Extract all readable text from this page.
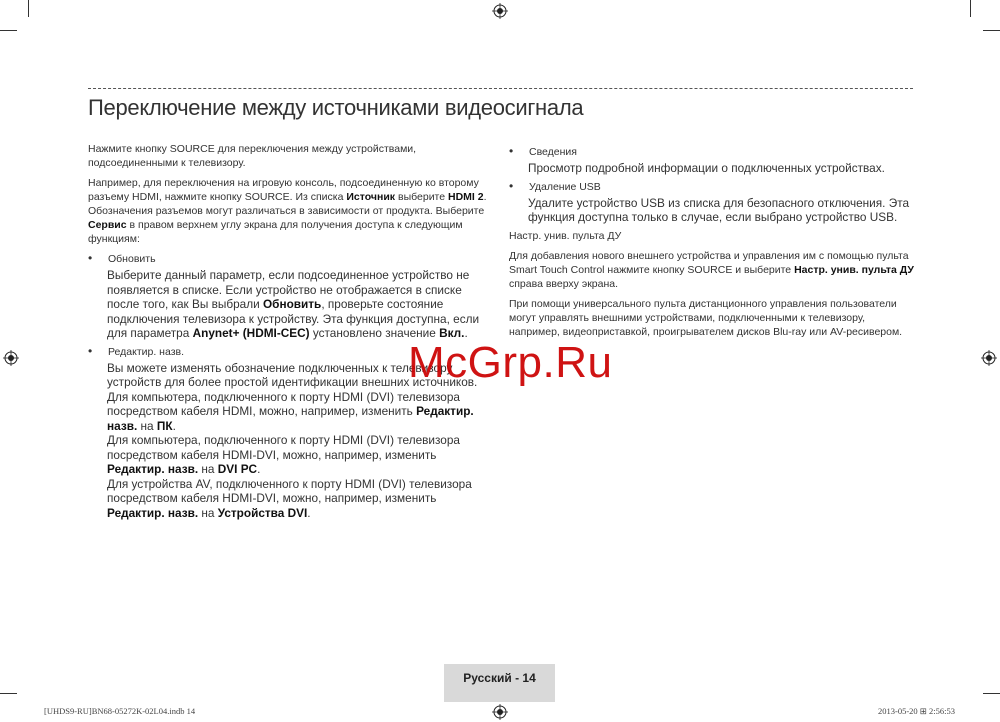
Переключение между источниками видеосигнала

Нажмите кнопку SOURCE для переключения между устройствами, подсоединенными к телевизору.

Например, для переключения на игровую консоль, подсоединенную ко второму разъему HDMI, нажмите кнопку SOURCE. Из списка Источник выберите HDMI 2. Обозначения разъемов могут различаться в зависимости от продукта. Выберите Сервис в правом верхнем углу экрана для получения доступа к следующим функциям:

• Обновить

Выберите данный параметр, если подсоединенное устройство не появляется в списке. Если устройство не отображается в списке после того, как Вы выбрали Обновить, проверьте состояние подключения телевизора к устройству. Эта функция доступна, если для параметра Anynet+ (HDMI-CEC) установлено значение Вкл..

• Редактир. назв.

Вы можете изменять обозначение подключенных к телевизору устройств для более простой идентификации внешних источников.

Для компьютера, подключенного к порту HDMI (DVI) телевизора посредством кабеля HDMI, можно, например, изменить Редактир. назв. на ПК.

Для компьютера, подключенного к порту HDMI (DVI) телевизора посредством кабеля HDMI-DVI, можно, например, изменить Редактир. назв. на DVI PC.

Для устройства AV, подключенного к порту HDMI (DVI) телевизора посредством кабеля HDMI-DVI, можно, например, изменить Редактир. назв. на Устройства DVI.

• Сведения

Просмотр подробной информации о подключенных устройствах.

• Удаление USB

Удалите устройство USB из списка для безопасного отключения. Эта функция доступна только в случае, если выбрано устройство USB.

Настр. унив. пульта ДУ

Для добавления нового внешнего устройства и управления им с помощью пульта Smart Touch Control нажмите кнопку SOURCE и выберите Настр. унив. пульта ДУ справа вверху экрана.

При помощи универсального пульта дистанционного управления пользователи могут управлять внешними устройствами, подключенными к телевизору, например, видеоприставкой, проигрывателем дисков Blu-ray или AV-ресивером.

McGrp.Ru
Русский - 14
[UHDS9-RU]BN68-05272K-02L04.indb 14	2013-05-20 ⊞ 2:56:53
